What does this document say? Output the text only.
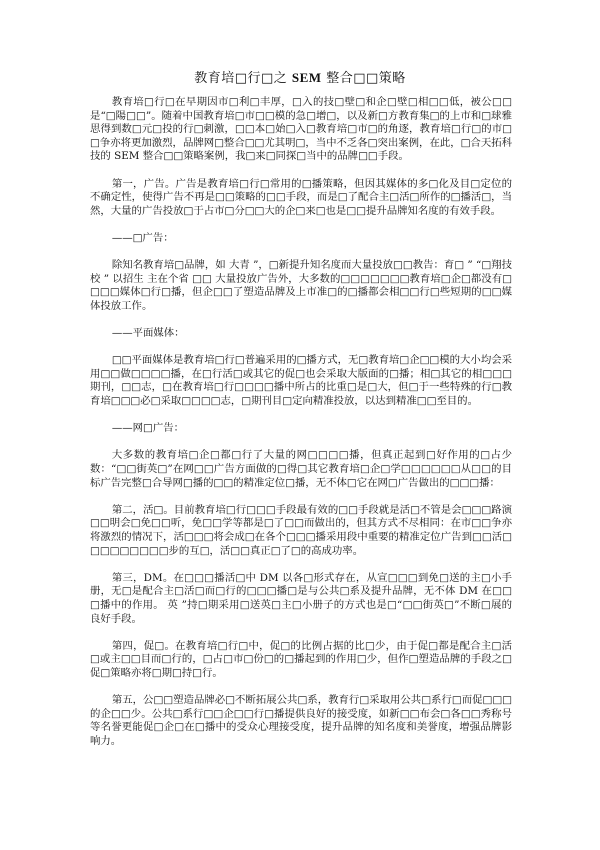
教育培□行□之 SEM 整合□□策略

教育培□行□在早期因市□利□丰厚，□入的技□壁□和企□壁□相□□低，被公□□是“□陽□□”。随着中国教育培□市□□模的急□增□，以及新□方教育集□的上市和□球雅思得到数□元□投的行□刺激，□□本□始□入□教育培□市□的角逐，教育培□行□的市□□争亦将更加激烈，品牌网□整合□□尤其明□，当中不乏各□突出案例，在此，□合天拓科技的 SEM 整合□□策略案例，我□来□同探□当中的品牌□□手段。

第一，广告。广告是教育培□行□常用的□播策略，但因其媒体的多□化及目□定位的不确定性，使得广告不再是□□策略的□□手段，而是□了配合主□活□所作的□播活□，当然，大量的广告投放□于占市□分□□大的企□来□也是□□提升品牌知名度的有效手段。

——□广告：

除知名教育培□品牌，如 大青 ”，□新提升知名度而大量投放□□教告：育□ ” “□翔技校 ” 以招生 主在个省 □□ 大量投放广告外，大多数的□□□□□□□教育培□企□都没有□□□□媒体□行□播，但企□□了塑造品牌及上市准□的□播都会相□□行□些短期的□□媒体投放工作。

——平面媒体：

□□平面媒体是教育培□行□普遍采用的□播方式，无□教育培□企□□模的大小均会采用□□做□□□□播，在□行活□或其它的促□也会采取大版面的□播；相□其它的相□□□期刊，□□志，□在教育培□行□□□□播中所占的比重□是□大，但□于一些特殊的行□教育培□□□必□采取□□□□志，□期刊目□定向精准投放，以达到精准□□至目的。

——网□广告：

大多数的教育培□企□都□行了大量的网□□□□播，但真正起到□好作用的□占少数：“□□街英□”在网□□广告方面做的□得□其它教育培□企□学□□□□□□从□□的目标广告完整□合导网□播的□□的精准定位□播，无不体□它在网□广告做出的□□□播：

第二，活□。目前教育培□行□□□手段最有效的□□手段就是活□不管是会□□□路演□□明会□免□□听，免□□学等都是□了□□而做出的，但其方式不尽相同：在市□□争亦将激烈的情况下，活□□□将会成□在各个□□□播采用段中重要的精准定位广告到□□活□□□□□□□□□步的互□，活□□真正□了□的高成功率。

第三，DM。在□□□播活□中 DM 以各□形式存在，从宣□□□到免□送的主□小手册，无□是配合主□活□而□行的□□□播□是与公共□系及提升品牌，无不体 DM 在□□□播中的作用。 英 ”持□期采用□送英□主□小册子的方式也是□“□□街英□”不断□展的良好手段。

第四，促□。在教育培□行□中，促□的比例占据的比□少，由于促□都是配合主□活□或主□□目而□行的，□占□市□份□的□播起到的作用□少，但作□塑造品牌的手段之□促□策略亦将□期□持□行。

第五，公□□塑造品牌必□不断拓展公共□系，教育行□采取用公共□系行□而促□□□的企□□少。公共□系行□□企□□行□播提供良好的接受度，如新□□布会□各□□秀称号等名誉更能促□企□在□播中的受众心理接受度，提升品牌的知名度和美誉度，增强品牌影响力。
